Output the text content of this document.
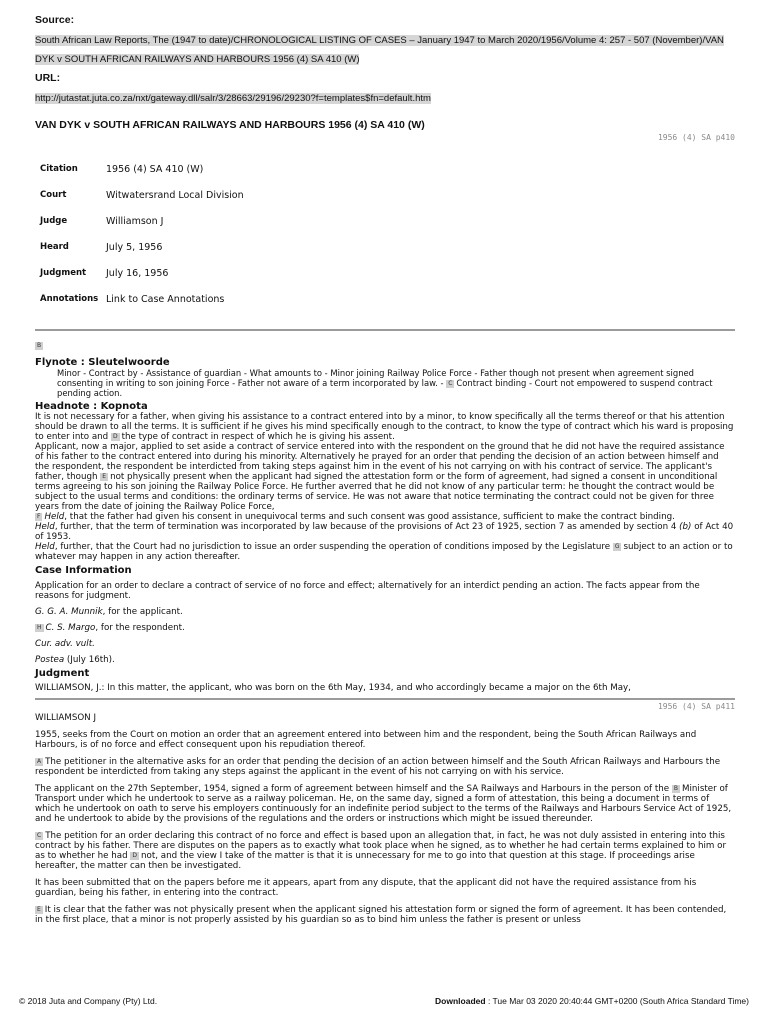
Source:
South African Law Reports, The (1947 to date)/CHRONOLOGICAL LISTING OF CASES – January 1947 to March 2020/1956/Volume 4: 257 - 507 (November)/VAN DYK v SOUTH AFRICAN RAILWAYS AND HARBOURS 1956 (4) SA 410 (W)
URL:
http://jutastat.juta.co.za/nxt/gateway.dll/salr/3/28663/29196/29230?f=templates$fn=default.htm
VAN DYK v SOUTH AFRICAN RAILWAYS AND HARBOURS 1956 (4) SA 410 (W)
1956 (4) SA p410
Citation	1956 (4) SA 410 (W)
Court	Witwatersrand Local Division
Judge	Williamson J
Heard	July 5, 1956
Judgment	July 16, 1956
Annotations	Link to Case Annotations
B
Flynote : Sleutelwoorde
Minor - Contract by - Assistance of guardian - What amounts to - Minor joining Railway Police Force - Father though not present when agreement signed consenting in writing to son joining Force - Father not aware of a term incorporated by law. - C Contract binding - Court not empowered to suspend contract pending action.
Headnote : Kopnota

It is not necessary for a father, when giving his assistance to a contract entered into by a minor, to know specifically all the terms thereof or that his attention should be drawn to all the terms. It is sufficient if he gives his mind specifically enough to the contract, to know the type of contract which his ward is proposing to enter into and D the type of contract in respect of which he is giving his assent.

Applicant, now a major, applied to set aside a contract of service entered into with the respondent on the ground that he did not have the required assistance of his father to the contract entered into during his minority. Alternatively he prayed for an order that pending the decision of an action between himself and the respondent, the respondent be interdicted from taking steps against him in the event of his not carrying on with his contract of service. The applicant's father, though E not physically present when the applicant had signed the attestation form or the form of agreement, had signed a consent in unconditional terms agreeing to his son joining the Railway Police Force. He further averred that he did not know of any particular term: he thought the contract would be subject to the usual terms and conditions: the ordinary terms of service. He was not aware that notice terminating the contract could not be given for three years from the date of joining the Railway Police Force,

F Held, that the father had given his consent in unequivocal terms and such consent was good assistance, sufficient to make the contract binding.

Held, further, that the term of termination was incorporated by law because of the provisions of Act 23 of 1925, section 7 as amended by section 4 (b) of Act 40 of 1953.

Held, further, that the Court had no jurisdiction to issue an order suspending the operation of conditions imposed by the Legislature G subject to an action or to whatever may happen in any action thereafter.

Case Information

Application for an order to declare a contract of service of no force and effect; alternatively for an interdict pending an action. The facts appear from the reasons for judgment.

G. G. A. Munnik, for the applicant.

H C. S. Margo, for the respondent.

Cur. adv. vult.

Postea (July 16th).

Judgment

WILLIAMSON, J.: In this matter, the applicant, who was born on the 6th May, 1934, and who accordingly became a major on the 6th May,

1956 (4) SA p411

WILLIAMSON J

1955, seeks from the Court on motion an order that an agreement entered into between him and the respondent, being the South African Railways and Harbours, is of no force and effect consequent upon his repudiation thereof.

A The petitioner in the alternative asks for an order that pending the decision of an action between himself and the South African Railways and Harbours the respondent be interdicted from taking any steps against the applicant in the event of his not carrying on with his service.

The applicant on the 27th September, 1954, signed a form of agreement between himself and the SA Railways and Harbours in the person of the B Minister of Transport under which he undertook to serve as a railway policeman. He, on the same day, signed a form of attestation, this being a document in terms of which he undertook on oath to serve his employers continuously for an indefinite period subject to the terms of the Railways and Harbours Service Act of 1925, and he undertook to abide by the provisions of the regulations and the orders or instructions which might be issued thereunder.

C The petition for an order declaring this contract of no force and effect is based upon an allegation that, in fact, he was not duly assisted in entering into this contract by his father. There are disputes on the papers as to exactly what took place when he signed, as to whether he had certain terms explained to him or as to whether he had D not, and the view I take of the matter is that it is unnecessary for me to go into that question at this stage. If proceedings arise hereafter, the matter can then be investigated.

It has been submitted that on the papers before me it appears, apart from any dispute, that the applicant did not have the required assistance from his guardian, being his father, in entering into the contract.

E It is clear that the father was not physically present when the applicant signed his attestation form or signed the form of agreement. It has been contended, in the first place, that a minor is not properly assisted by his guardian so as to bind him unless the father is present or unless

© 2018 Juta and Company (Pty) Ltd.	Downloaded : Tue Mar 03 2020 20:40:44 GMT+0200 (South Africa Standard Time)
